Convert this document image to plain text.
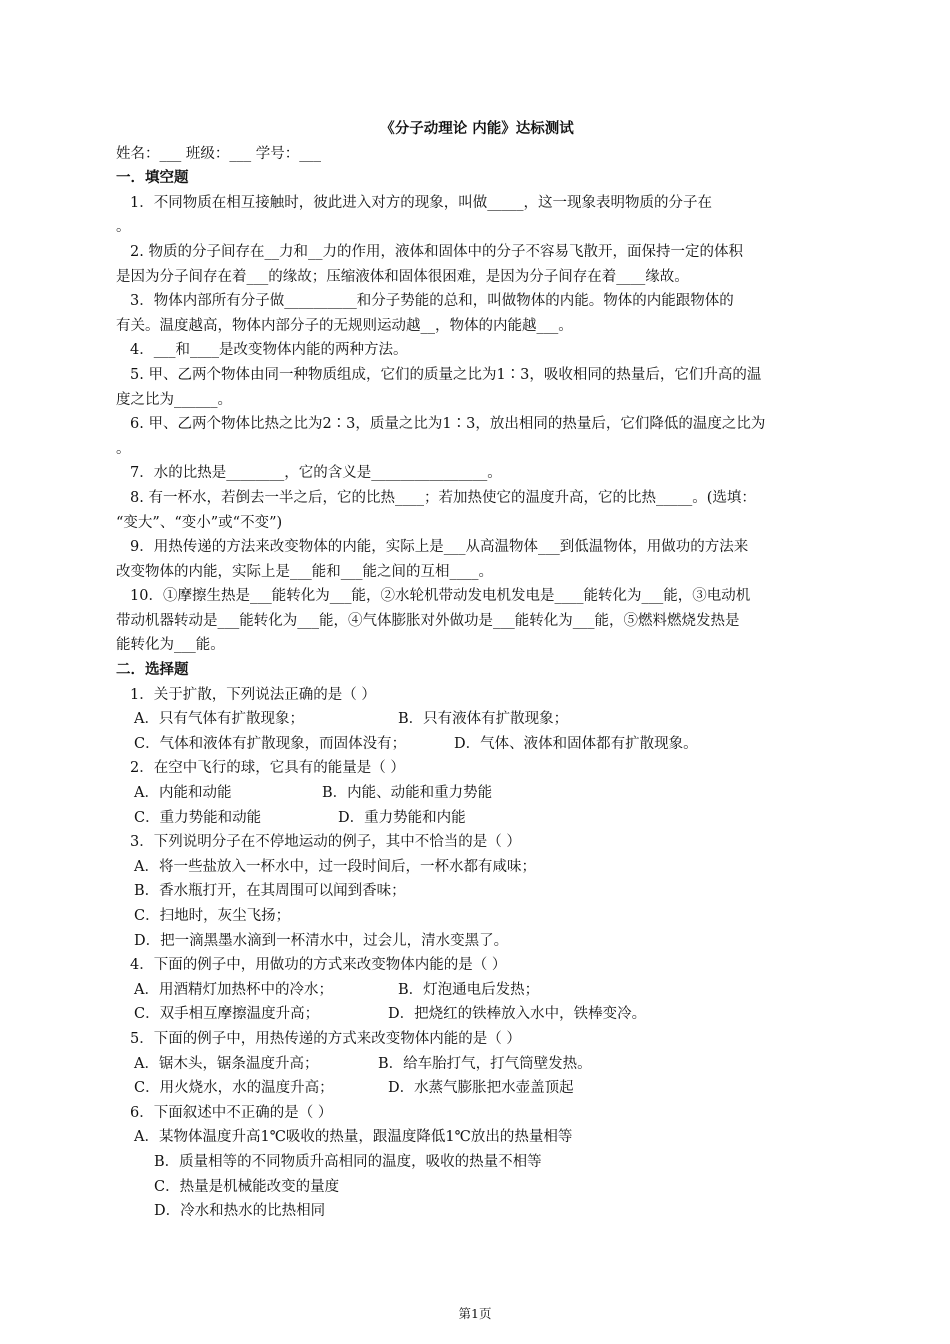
《分子动理论 内能》达标测试
姓名：___ 班级：___ 学号：___
一．填空题
1．不同物质在相互接触时，彼此进入对方的现象，叫做_____，这一现象表明物质的分子在
。
2. 物质的分子间存在__力和__力的作用，液体和固体中的分子不容易飞散开，面保持一定的体积
是因为分子间存在着___的缘故；压缩液体和固体很困难，是因为分子间存在着____缘故。
3．物体内部所有分子做__________和分子势能的总和，叫做物体的内能。物体的内能跟物体的
有关。温度越高，物体内部分子的无规则运动越__，物体的内能越___。
4．___和____是改变物体内能的两种方法。
5. 甲、乙两个物体由同一种物质组成，它们的质量之比为1∶3，吸收相同的热量后，它们升高的温
度之比为______。
6. 甲、乙两个物体比热之比为2∶3，质量之比为1∶3，放出相同的热量后，它们降低的温度之比为
。
7．水的比热是________，它的含义是________________。
8. 有一杯水，若倒去一半之后，它的比热____；若加热使它的温度升高，它的比热_____。(选填：
“变大”、“变小”或“不变”)
9．用热传递的方法来改变物体的内能，实际上是___从高温物体___到低温物体，用做功的方法来
改变物体的内能，实际上是___能和___能之间的互相____。
10．①摩擦生热是___能转化为___能，②水轮机带动发电机发电是____能转化为___能，③电动机
带动机器转动是___能转化为___能，④气体膨胀对外做功是___能转化为___能，⑤燃料燃烧发热是
能转化为___能。
二．选择题
1．关于扩散，下列说法正确的是（ ）
A．只有气体有扩散现象；	B．只有液体有扩散现象；
C．气体和液体有扩散现象，而固体没有；	D．气体、液体和固体都有扩散现象。
2．在空中飞行的球，它具有的能量是（ ）
A．内能和动能	B．内能、动能和重力势能
C．重力势能和动能	D．重力势能和内能
3．下列说明分子在不停地运动的例子，其中不恰当的是（ ）
A．将一些盐放入一杯水中，过一段时间后，一杯水都有咸味；
B．香水瓶打开，在其周围可以闻到香味；
C．扫地时，灰尘飞扬；
D．把一滴黑墨水滴到一杯清水中，过会儿，清水变黑了。
4．下面的例子中，用做功的方式来改变物体内能的是（ ）
A．用酒精灯加热杯中的冷水；	B．灯泡通电后发热；
C．双手相互摩擦温度升高；	D．把烧红的铁棒放入水中，铁棒变冷。
5．下面的例子中，用热传递的方式来改变物体内能的是（ ）
A．锯木头，锯条温度升高；	B．给车胎打气，打气筒壁发热。
C．用火烧水，水的温度升高；	D．水蒸气膨胀把水壶盖顶起
6．下面叙述中不正确的是（ ）
A．某物体温度升高1℃吸收的热量，跟温度降低1℃放出的热量相等
B．质量相等的不同物质升高相同的温度，吸收的热量不相等
C．热量是机械能改变的量度
D．冷水和热水的比热相同
第1页
